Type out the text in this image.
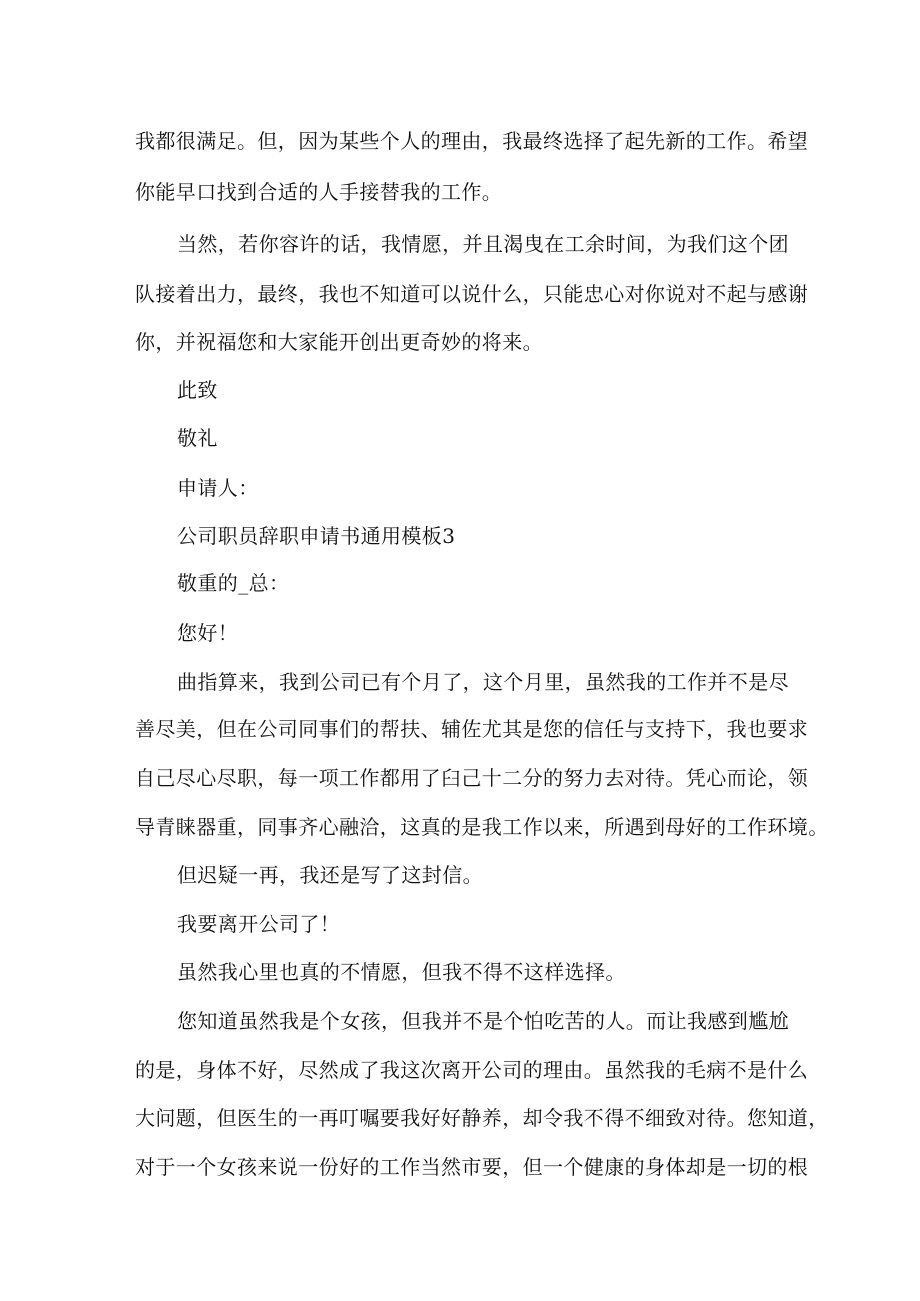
我都很满足。但，因为某些个人的理由，我最终选择了起先新的工作。希望
你能早口找到合适的人手接替我的工作。
当然，若你容许的话，我情愿，并且渴曳在工余时间，为我们这个团
队接着出力，最终，我也不知道可以说什么，只能忠心对你说对不起与感谢
你，并祝福您和大家能开创出更奇妙的将来。
此致
敬礼
申请人：
公司职员辞职申请书通用模板3
敬重的_总：
您好！
曲指算来，我到公司已有个月了，这个月里，虽然我的工作并不是尽
善尽美，但在公司同事们的帮扶、辅佐尤其是您的信任与支持下，我也要求
自己尽心尽职，每一项工作都用了臼己十二分的努力去对待。凭心而论，领
导青睐器重，同事齐心融洽，这真的是我工作以来，所遇到母好的工作环境。
但迟疑一再，我还是写了这封信。
我要离开公司了！
虽然我心里也真的不情愿，但我不得不这样选择。
您知道虽然我是个女孩，但我并不是个怕吃苦的人。而让我感到尴尬
的是，身体不好，尽然成了我这次离开公司的理由。虽然我的毛病不是什么
大问题，但医生的一再叮嘱要我好好静养，却令我不得不细致对待。您知道，
对于一个女孩来说一份好的工作当然市要，但一个健康的身体却是一切的根
